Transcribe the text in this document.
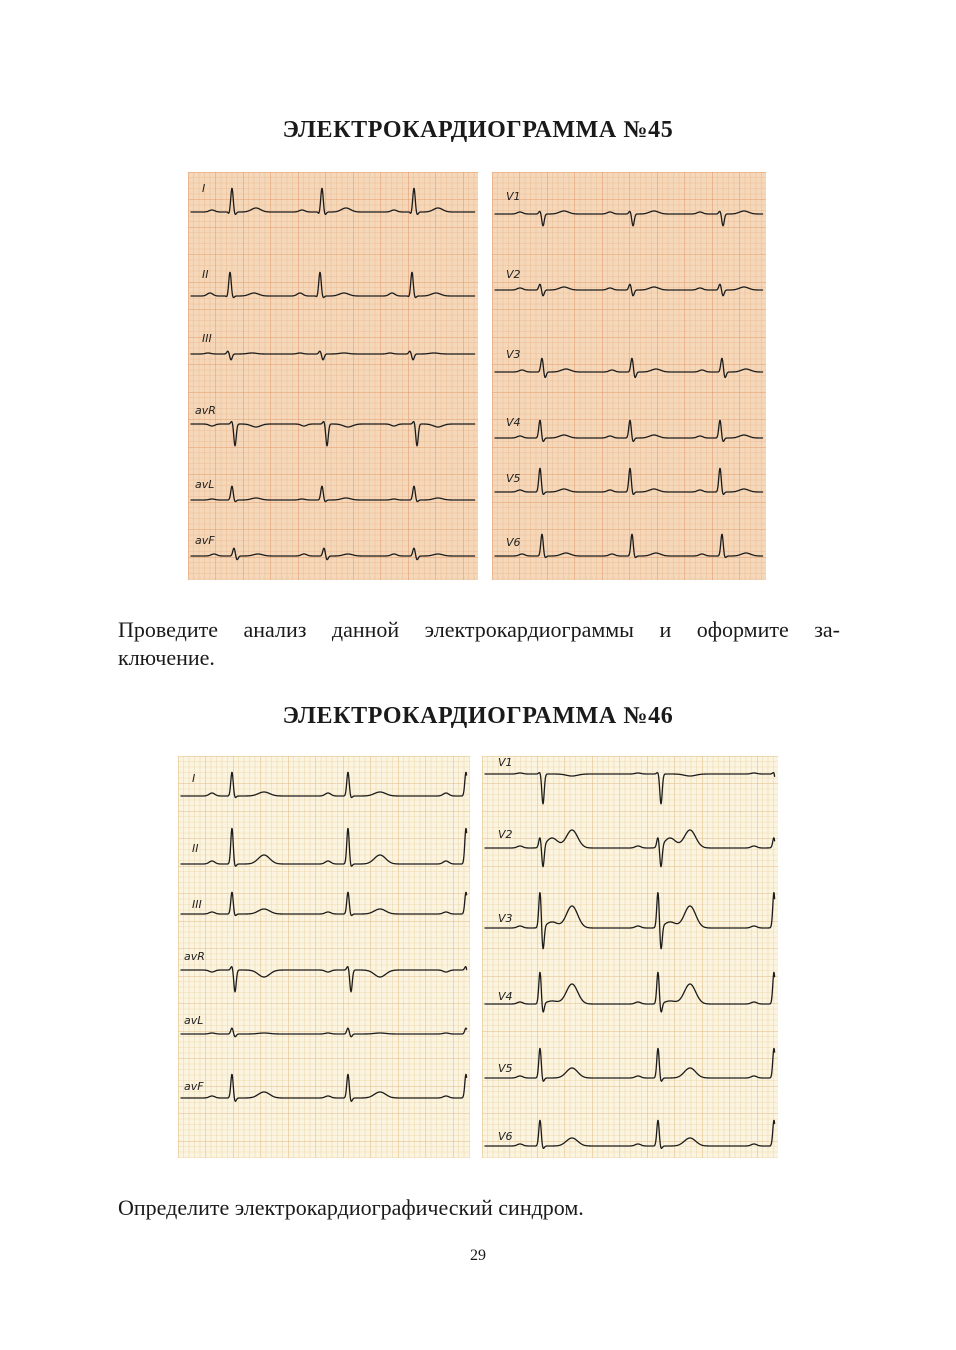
ЭЛЕКТРОКАРДИОГРАММА №45
I
II
III
avR
avL
avF
V1
V2
V3
V4
V5
V6
Проведите анализ данной электрокардиограммы и оформите за-
ключение.
ЭЛЕКТРОКАРДИОГРАММА №46
I
II
III
avR
avL
avF
V1
V2
V3
V4
V5
V6
Определите электрокардиографический синдром.
29
